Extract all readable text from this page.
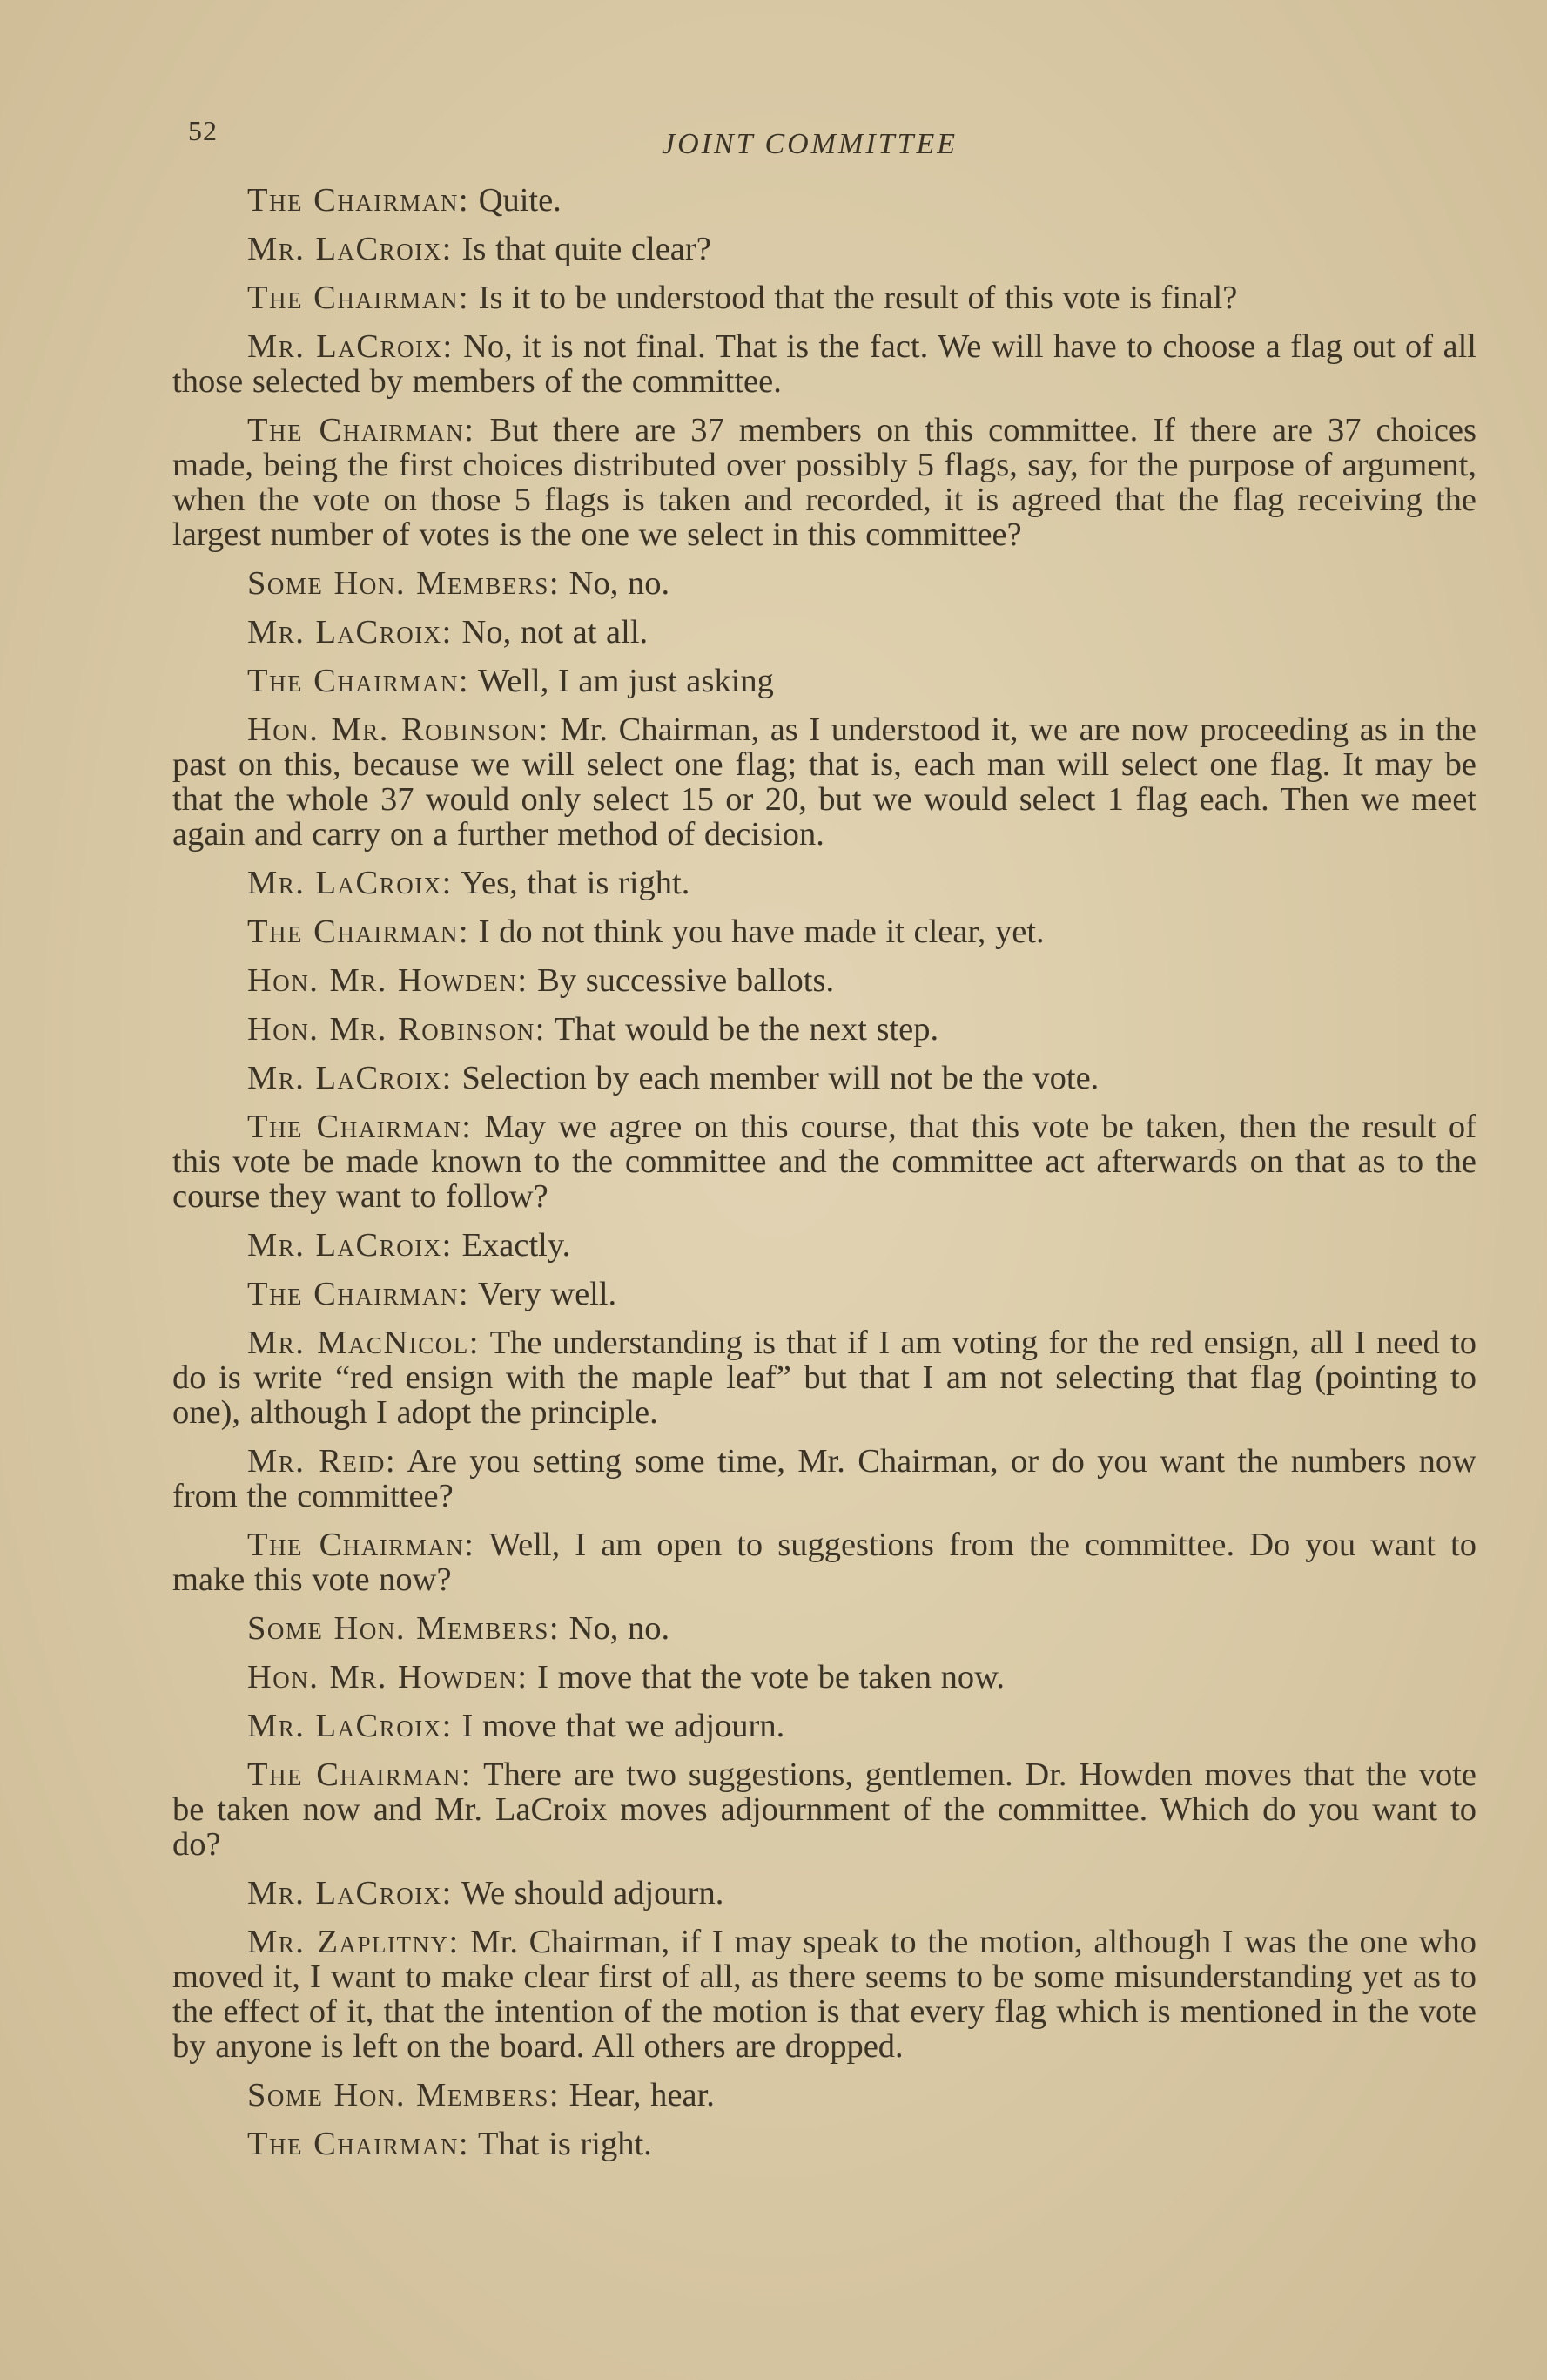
52	JOINT COMMITTEE

The Chairman: Quite.

Mr. LaCroix: Is that quite clear?

The Chairman: Is it to be understood that the result of this vote is final?

Mr. LaCroix: No, it is not final. That is the fact. We will have to choose a flag out of all those selected by members of the committee.

The Chairman: But there are 37 members on this committee. If there are 37 choices made, being the first choices distributed over possibly 5 flags, say, for the purpose of argument, when the vote on those 5 flags is taken and recorded, it is agreed that the flag receiving the largest number of votes is the one we select in this committee?

Some Hon. Members: No, no.

Mr. LaCroix: No, not at all.

The Chairman: Well, I am just asking

Hon. Mr. Robinson: Mr. Chairman, as I understood it, we are now proceeding as in the past on this, because we will select one flag; that is, each man will select one flag. It may be that the whole 37 would only select 15 or 20, but we would select 1 flag each. Then we meet again and carry on a further method of decision.

Mr. LaCroix: Yes, that is right.

The Chairman: I do not think you have made it clear, yet.

Hon. Mr. Howden: By successive ballots.

Hon. Mr. Robinson: That would be the next step.

Mr. LaCroix: Selection by each member will not be the vote.

The Chairman: May we agree on this course, that this vote be taken, then the result of this vote be made known to the committee and the committee act afterwards on that as to the course they want to follow?

Mr. LaCroix: Exactly.

The Chairman: Very well.

Mr. MacNicol: The understanding is that if I am voting for the red ensign, all I need to do is write “red ensign with the maple leaf” but that I am not selecting that flag (pointing to one), although I adopt the principle.

Mr. Reid: Are you setting some time, Mr. Chairman, or do you want the numbers now from the committee?

The Chairman: Well, I am open to suggestions from the committee. Do you want to make this vote now?

Some Hon. Members: No, no.

Hon. Mr. Howden: I move that the vote be taken now.

Mr. LaCroix: I move that we adjourn.

The Chairman: There are two suggestions, gentlemen. Dr. Howden moves that the vote be taken now and Mr. LaCroix moves adjournment of the committee. Which do you want to do?

Mr. LaCroix: We should adjourn.

Mr. Zaplitny: Mr. Chairman, if I may speak to the motion, although I was the one who moved it, I want to make clear first of all, as there seems to be some misunderstanding yet as to the effect of it, that the intention of the motion is that every flag which is mentioned in the vote by anyone is left on the board. All others are dropped.

Some Hon. Members: Hear, hear.

The Chairman: That is right.
